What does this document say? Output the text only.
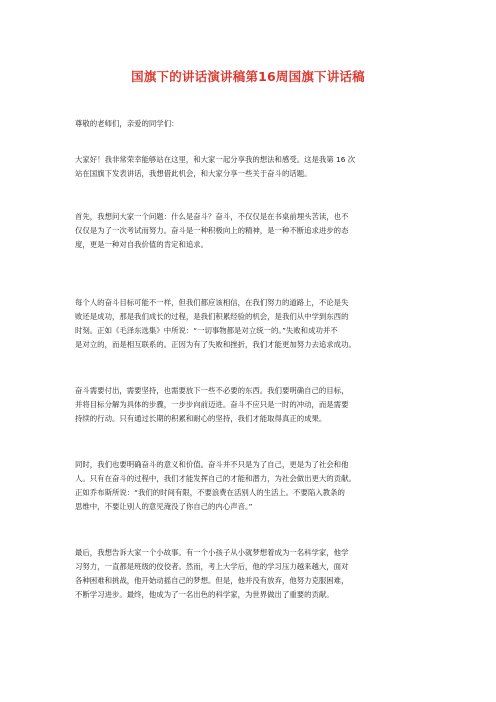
国旗下的讲话演讲稿第16周国旗下讲话稿
尊敬的老师们，亲爱的同学们：
大家好！我非常荣幸能够站在这里，和大家一起分享我的想法和感受。这是我第 16 次
站在国旗下发表讲话，我想借此机会，和大家分享一些关于奋斗的话题。
首先，我想问大家一个问题：什么是奋斗？奋斗，不仅仅是在书桌前埋头苦读，也不
仅仅是为了一次考试而努力。奋斗是一种积极向上的精神，是一种不断追求进步的态
度，更是一种对自我价值的肯定和追求。
每个人的奋斗目标可能不一样，但我们都应该相信，在我们努力的道路上，不论是失
败还是成功，那是我们成长的过程，是我们积累经验的机会，是我们从中学到东西的
时刻。正如《毛泽东选集》中所说：“一切事物都是对立统一的。”失败和成功并不
是对立的，而是相互联系的。正因为有了失败和挫折，我们才能更加努力去追求成功。
奋斗需要付出，需要坚持，也需要放下一些不必要的东西。我们要明确自己的目标，
并将目标分解为具体的步骤，一步步向前迈进。奋斗不应只是一时的冲动，而是需要
持续的行动。只有通过长期的积累和耐心的坚持，我们才能取得真正的成果。
同时，我们也要明确奋斗的意义和价值。奋斗并不只是为了自己，更是为了社会和他
人。只有在奋斗的过程中，我们才能发挥自己的才能和潜力，为社会做出更大的贡献。
正如乔布斯所说：“我们的时间有限，不要浪费在活别人的生活上。不要陷入教条的
思维中，不要让别人的意见淹没了你自己的内心声音。”
最后，我想告诉大家一个小故事。有一个小孩子从小就梦想着成为一名科学家，他学
习努力，一直都是班级的佼佼者。然而，考上大学后，他的学习压力越来越大，面对
各种困难和挑战，他开始动摇自己的梦想。但是，他并没有放弃，他努力克服困难，
不断学习进步。最终，他成为了一名出色的科学家，为世界做出了重要的贡献。
